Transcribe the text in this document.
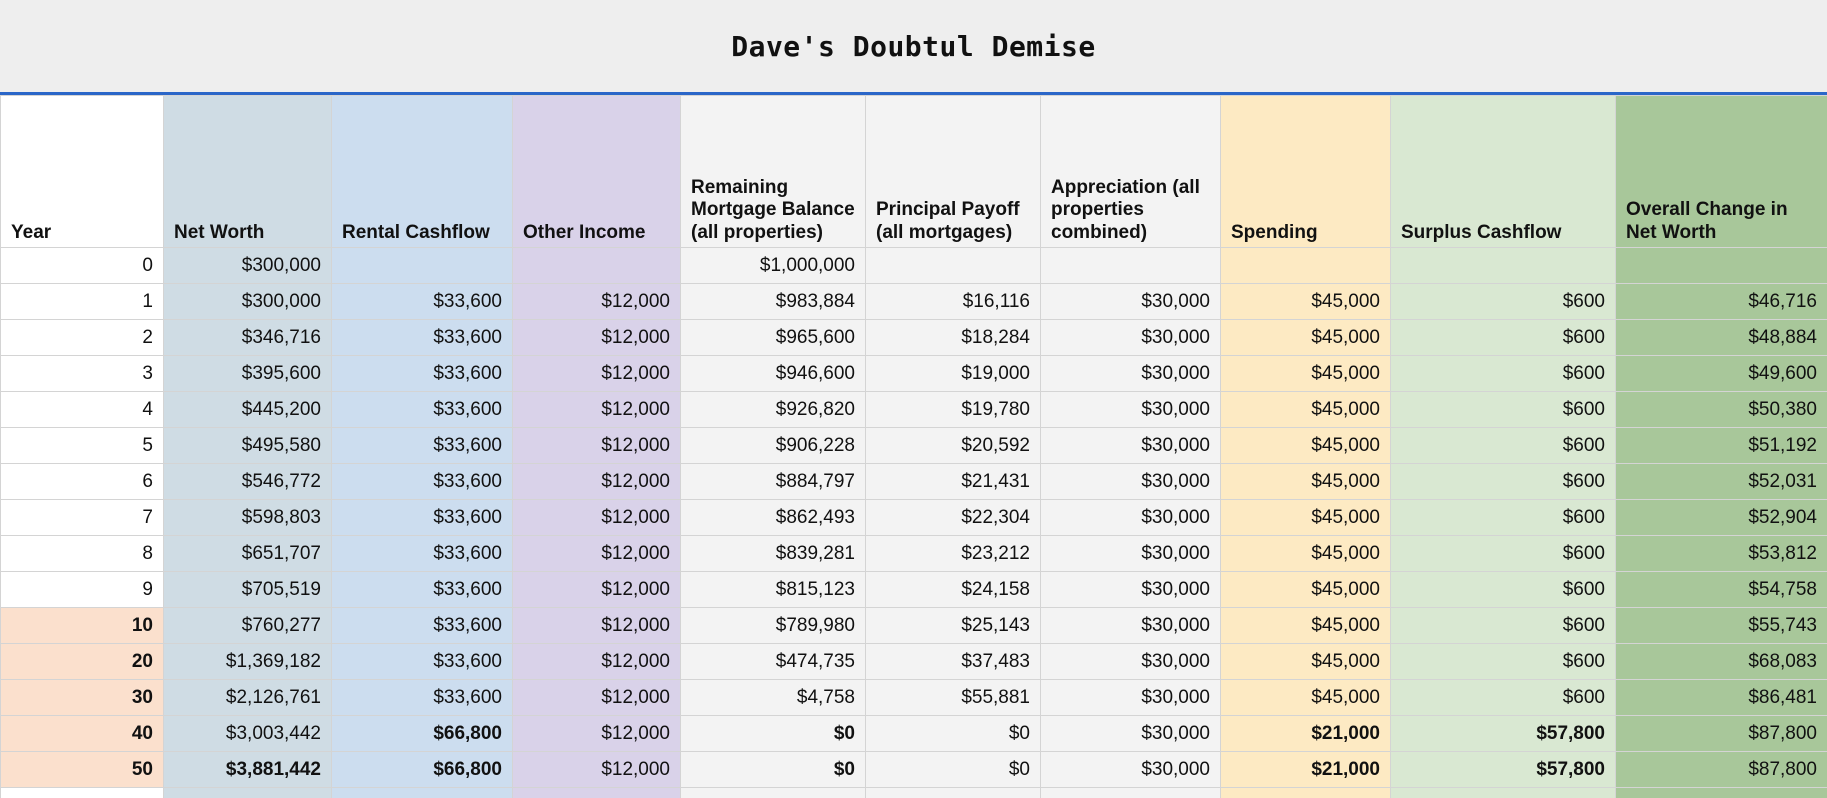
Dave's Doubtul Demise
Year	Net Worth	Rental Cashflow	Other Income	Remaining Mortgage Balance (all properties)	Principal Payoff (all mortgages)	Appreciation (all properties combined)	Spending	Surplus Cashflow	Overall Change in Net Worth
0	$300,000			$1,000,000					
1	$300,000	$33,600	$12,000	$983,884	$16,116	$30,000	$45,000	$600	$46,716
2	$346,716	$33,600	$12,000	$965,600	$18,284	$30,000	$45,000	$600	$48,884
3	$395,600	$33,600	$12,000	$946,600	$19,000	$30,000	$45,000	$600	$49,600
4	$445,200	$33,600	$12,000	$926,820	$19,780	$30,000	$45,000	$600	$50,380
5	$495,580	$33,600	$12,000	$906,228	$20,592	$30,000	$45,000	$600	$51,192
6	$546,772	$33,600	$12,000	$884,797	$21,431	$30,000	$45,000	$600	$52,031
7	$598,803	$33,600	$12,000	$862,493	$22,304	$30,000	$45,000	$600	$52,904
8	$651,707	$33,600	$12,000	$839,281	$23,212	$30,000	$45,000	$600	$53,812
9	$705,519	$33,600	$12,000	$815,123	$24,158	$30,000	$45,000	$600	$54,758
10	$760,277	$33,600	$12,000	$789,980	$25,143	$30,000	$45,000	$600	$55,743
20	$1,369,182	$33,600	$12,000	$474,735	$37,483	$30,000	$45,000	$600	$68,083
30	$2,126,761	$33,600	$12,000	$4,758	$55,881	$30,000	$45,000	$600	$86,481
40	$3,003,442	$66,800	$12,000	$0	$0	$30,000	$21,000	$57,800	$87,800
50	$3,881,442	$66,800	$12,000	$0	$0	$30,000	$21,000	$57,800	$87,800
